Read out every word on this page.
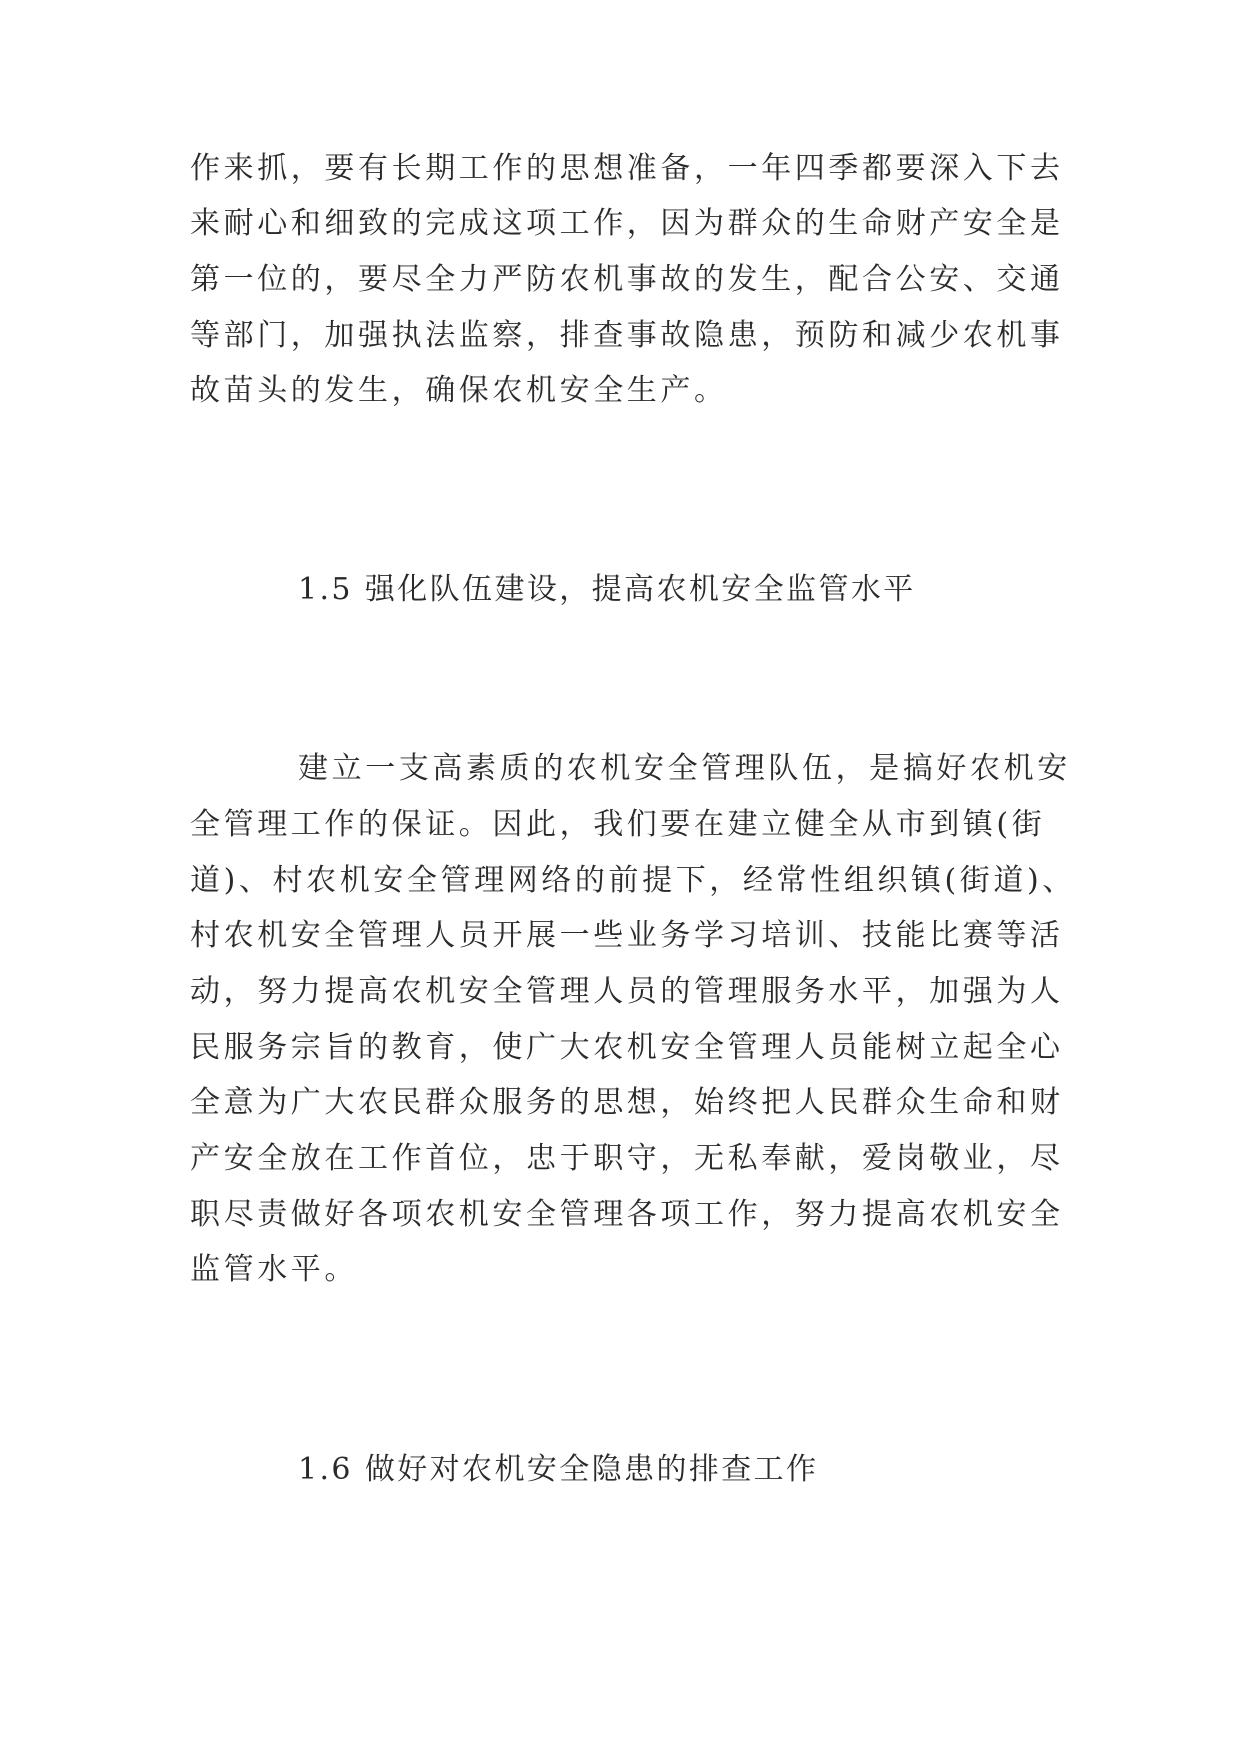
作来抓，要有长期工作的思想准备，一年四季都要深入下去
来耐心和细致的完成这项工作，因为群众的生命财产安全是
第一位的，要尽全力严防农机事故的发生，配合公安、交通
等部门，加强执法监察，排查事故隐患，预防和减少农机事
故苗头的发生，确保农机安全生产。
1.5 强化队伍建设，提高农机安全监管水平
建立一支高素质的农机安全管理队伍，是搞好农机安
全管理工作的保证。因此，我们要在建立健全从市到镇(街
道)、村农机安全管理网络的前提下，经常性组织镇(街道)、
村农机安全管理人员开展一些业务学习培训、技能比赛等活
动，努力提高农机安全管理人员的管理服务水平，加强为人
民服务宗旨的教育，使广大农机安全管理人员能树立起全心
全意为广大农民群众服务的思想，始终把人民群众生命和财
产安全放在工作首位，忠于职守，无私奉献，爱岗敬业，尽
职尽责做好各项农机安全管理各项工作，努力提高农机安全
监管水平。
1.6 做好对农机安全隐患的排查工作
